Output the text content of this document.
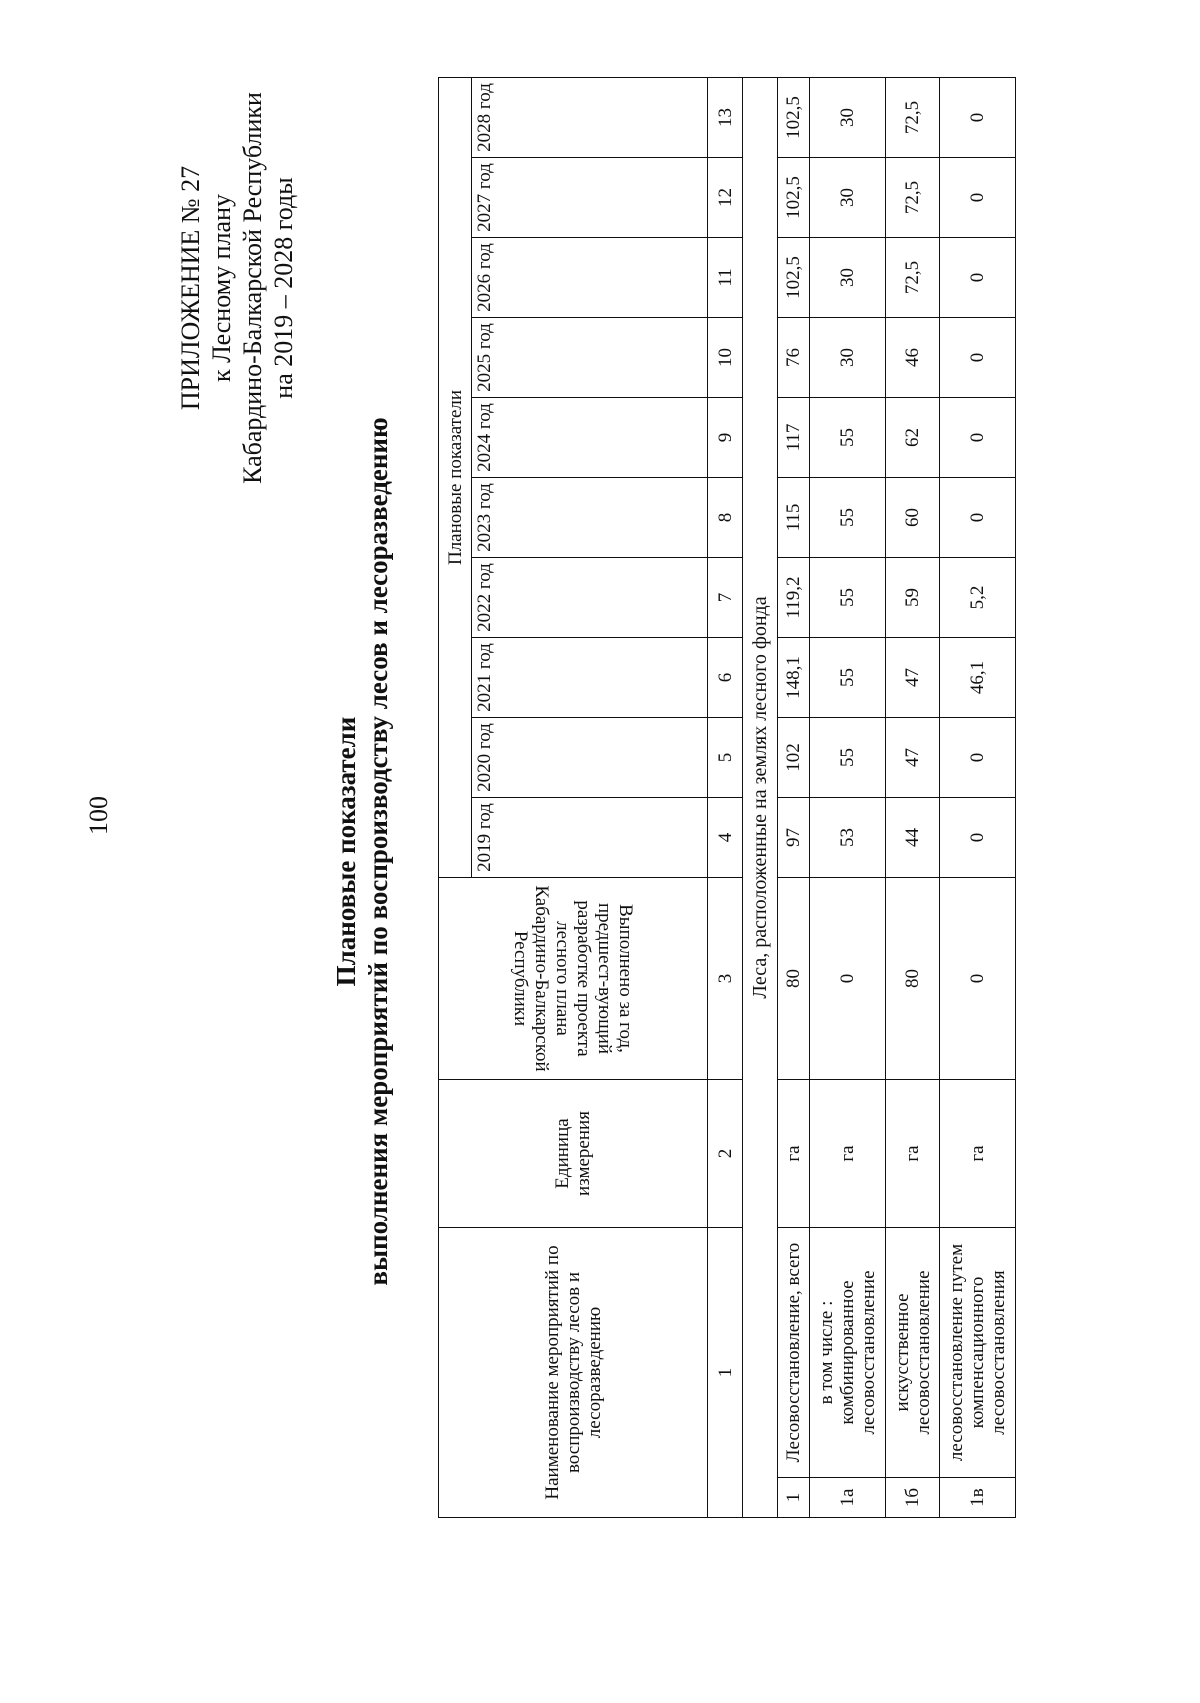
100
ПРИЛОЖЕНИЕ № 27 к Лесному плану Кабардино-Балкарской Республики на 2019 – 2028 годы
Плановые показатели выполнения мероприятий по воспроизводству лесов и лесоразведению
Наименование мероприятий по воспроизводству лесов и лесоразведению		Единица измерения	Выполнено за год, предшест-вующий разработке проекта лесного плана Кабардино-Балкарской Республики	Плановые показатели									
				2019 год	2020 год	2021 год	2022 год	2023 год	2024 год	2025 год	2026 год	2027 год	2028 год
1		2	3	4	5	6	7	8	9	10	11	12	13
Леса, расположенные на землях лесного фонда													
1	Лесовосстановление, всего	га	80	97	102	148,1	119,2	115	117	76	102,5	102,5	102,5
1а	в том числе : комбинированное лесовосстановление	га	0	53	55	55	55	55	55	30	30	30	30
1б	искусственное лесовосстановление	га	80	44	47	47	59	60	62	46	72,5	72,5	72,5
1в	лесовосстановление путем компенсационного лесовосстановления	га	0	0	0	46,1	5,2	0	0	0	0	0	0
